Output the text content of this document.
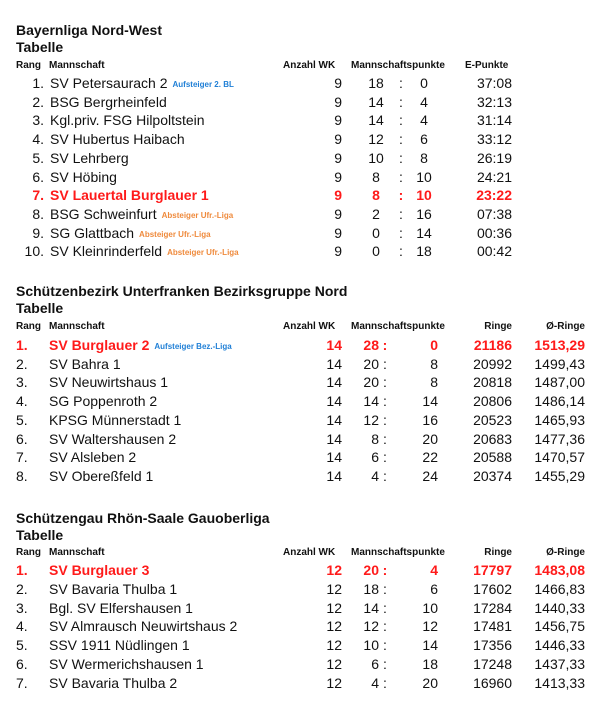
Bayernliga Nord-West
Tabelle
Rang Mannschaft	Anzahl WK Mannschaftspunkte E-Punkte
1. SV Petersaurach 2 Aufsteiger 2. BL	9	18	:	0	37:08
2. BSG Bergrheinfeld	9	14	:	4	32:13
3. Kgl.priv. FSG Hilpoltstein	9	14	:	4	31:14
4. SV Hubertus Haibach	9	12	:	6	33:12
5. SV Lehrberg	9	10	:	8	26:19
6. SV Höbing	9	8	: 10	24:21
7. SV Lauertal Burglauer 1	9	8	: 10	23:22
8. BSG Schweinfurt Absteiger Ufr.-Liga	9	2	: 16	07:38
9. SG Glattbach Absteiger Ufr.-Liga	9	0	: 14	00:36
10. SV Kleinrinderfeld Absteiger Ufr.-Liga	9	0	: 18	00:42
Schützenbezirk Unterfranken Bezirksgruppe Nord
Tabelle
Rang Mannschaft	Anzahl WK Mannschaftspunkte	Ringe	Ø-Ringe
1. SV Burglauer 2 Aufsteiger Bez.-Liga	14	28 :	0	21186	1513,29
2. SV Bahra 1	14	20 :	8	20992	1499,43
3. SV Neuwirtshaus 1	14	20 :	8	20818	1487,00
4. SG Poppenroth 2	14	14 :	14	20806	1486,14
5. KPSG Münnerstadt 1	14	12 :	16	20523	1465,93
6. SV Waltershausen 2	14	8 :	20	20683	1477,36
7. SV Alsleben 2	14	6 :	22	20588	1470,57
8. SV Obereßfeld 1	14	4 :	24	20374	1455,29
Schützengau Rhön-Saale Gauoberliga
Tabelle
Rang Mannschaft	Anzahl WK Mannschaftspunkte	Ringe	Ø-Ringe
1. SV Burglauer 3	12	20 :	4	17797	1483,08
2. SV Bavaria Thulba 1	12	18 :	6	17602	1466,83
3. Bgl. SV Elfershausen 1	12	14 :	10	17284	1440,33
4. SV Almrausch Neuwirtshaus 2	12	12 :	12	17481	1456,75
5. SSV 1911 Nüdlingen 1	12	10 :	14	17356	1446,33
6. SV Wermerichshausen 1	12	6 :	18	17248	1437,33
7. SV Bavaria Thulba 2	12	4 :	20	16960	1413,33
